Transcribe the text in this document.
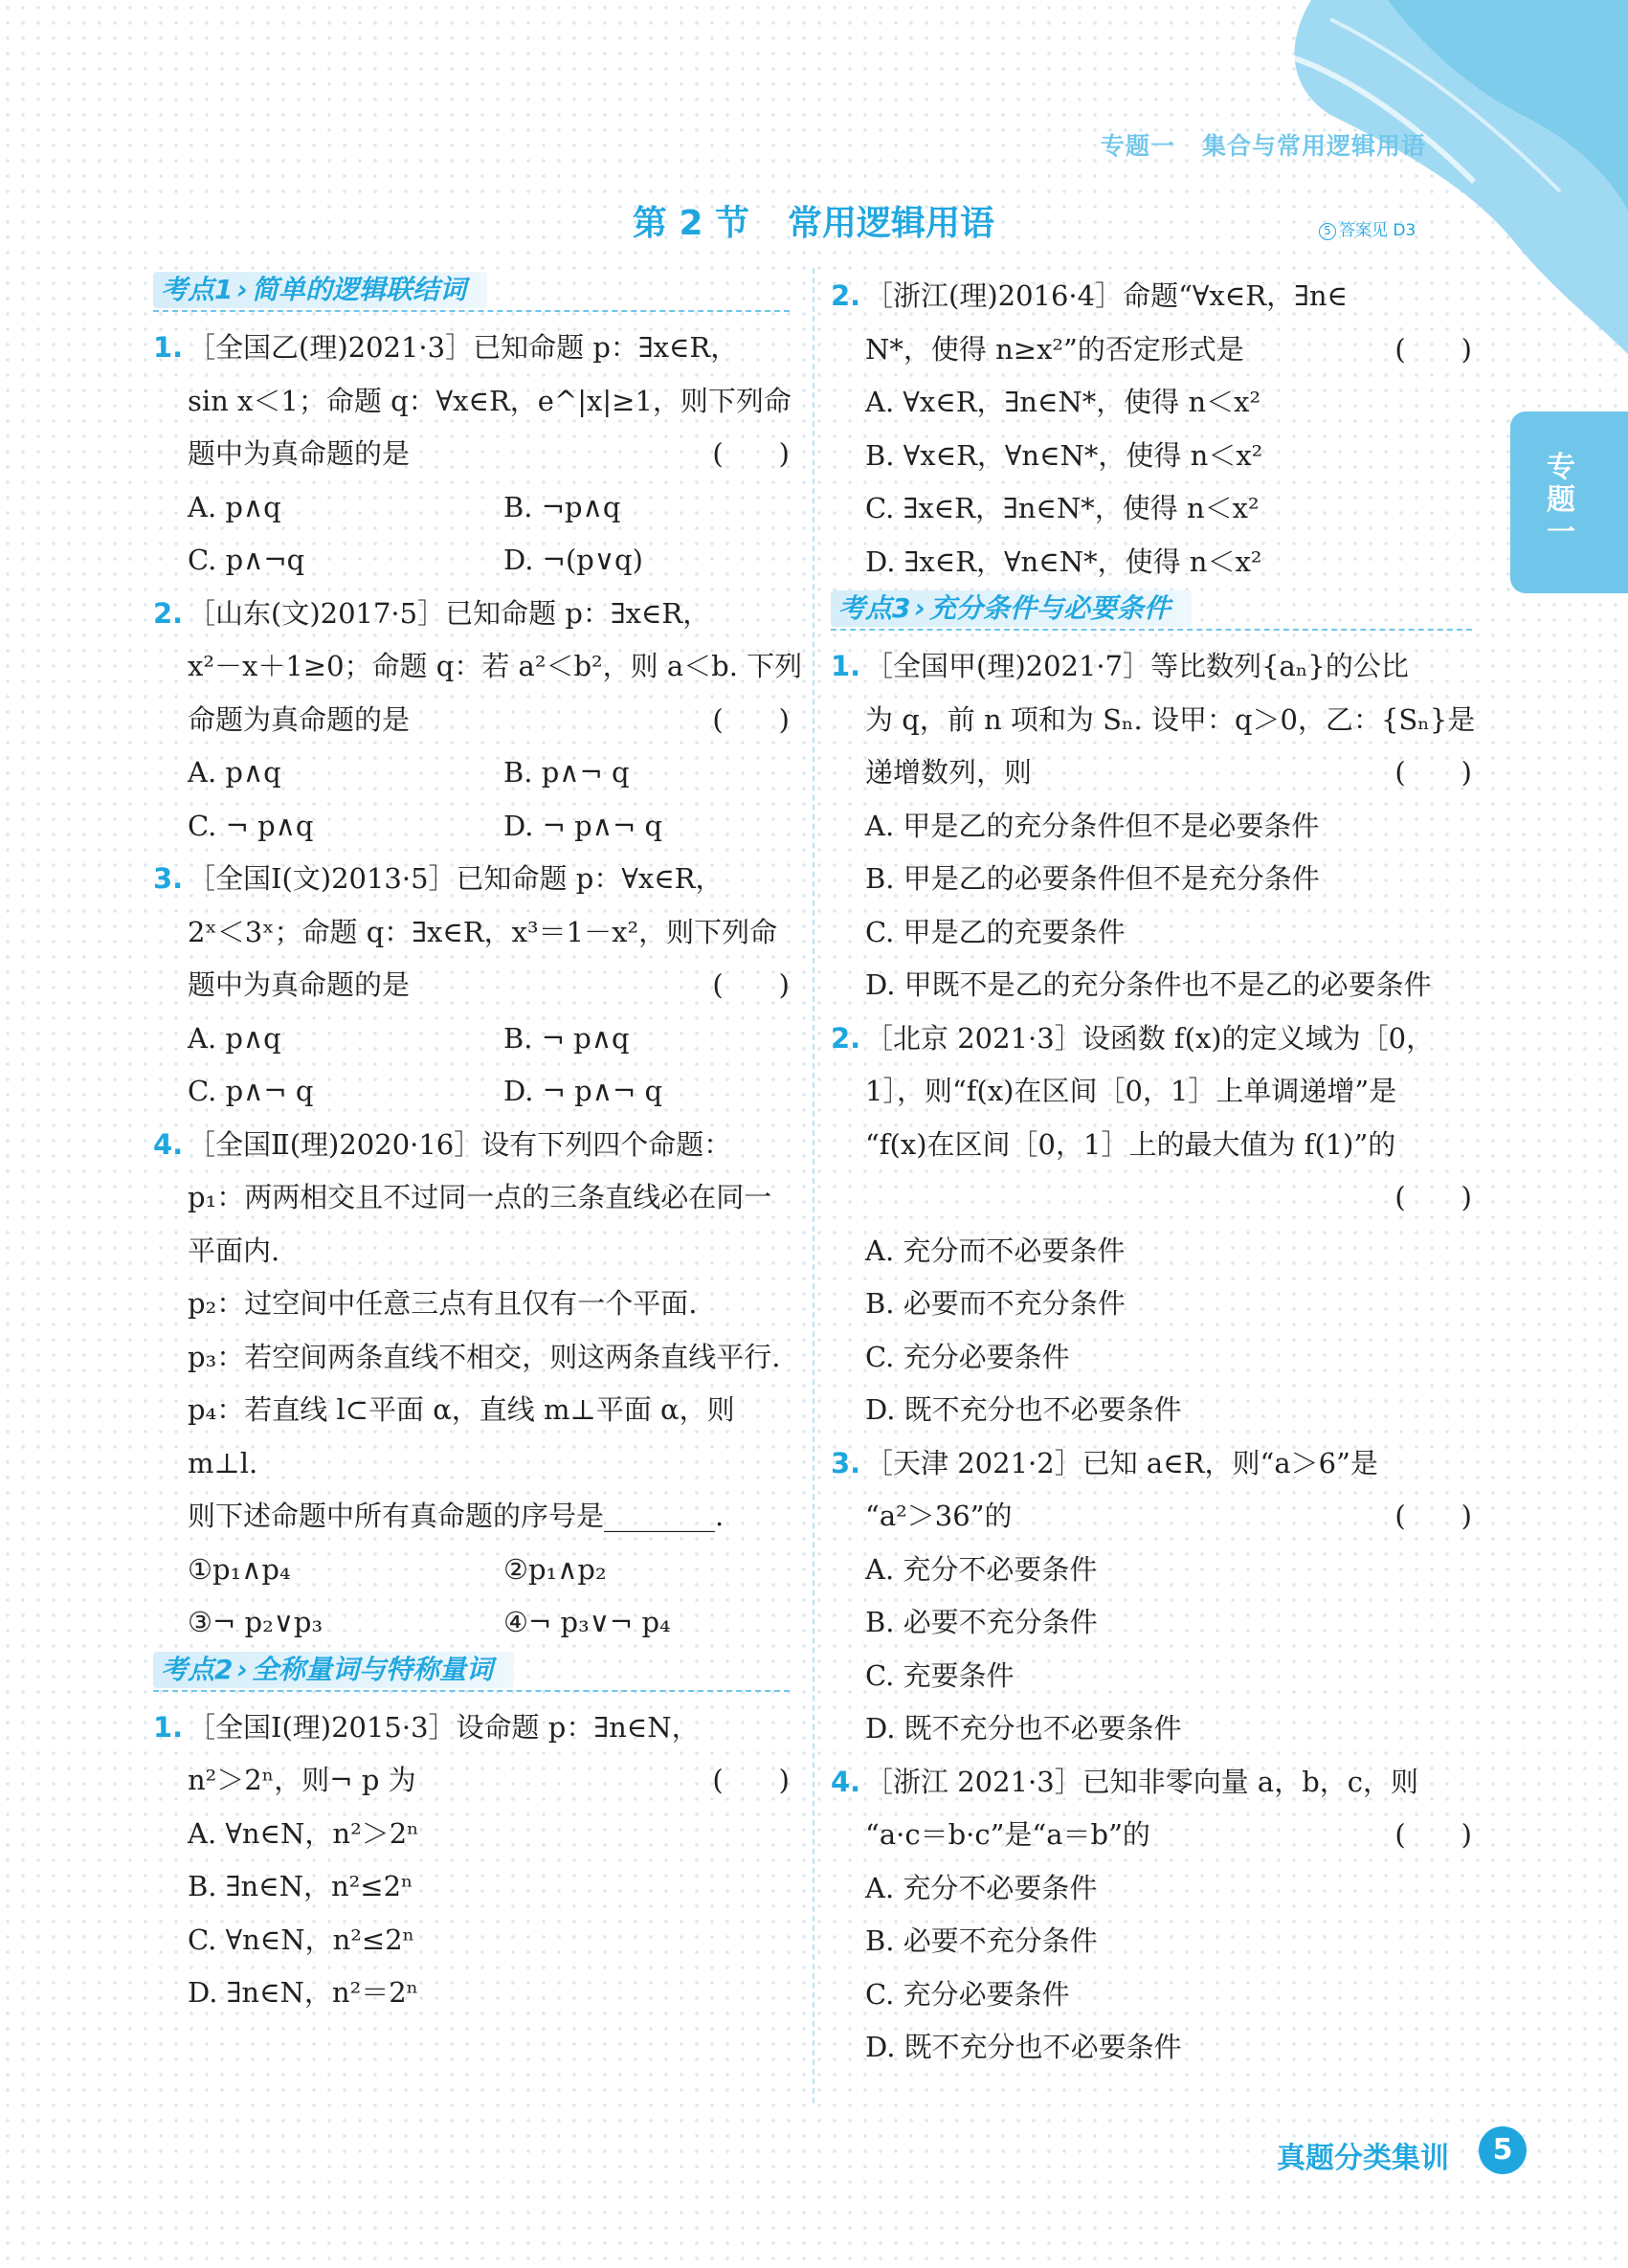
专题一 集合与常用逻辑用语
第 2 节 常用逻辑用语	5 答案见 D3
专题一
考点1 › 简单的逻辑联结词
1. ［全国乙(理)2021·3］已知命题 p：∃x∈R，
sin x＜1；命题 q：∀x∈R，e^|x|≥1，则下列命
题中为真命题的是	(　　)
A. p∧q	B. ¬p∧q
C. p∧¬q	D. ¬(p∨q)
2. ［山东(文)2017·5］已知命题 p：∃x∈R，
x²－x＋1≥0；命题 q：若 a²＜b²，则 a＜b. 下列
命题为真命题的是	(　　)
A. p∧q	B. p∧¬ q
C. ¬ p∧q	D. ¬ p∧¬ q
3. ［全国Ⅰ(文)2013·5］已知命题 p：∀x∈R，
2ˣ＜3ˣ；命题 q：∃x∈R，x³＝1－x²，则下列命
题中为真命题的是	(　　)
A. p∧q	B. ¬ p∧q
C. p∧¬ q	D. ¬ p∧¬ q
4. ［全国Ⅱ(理)2020·16］设有下列四个命题：
p₁：两两相交且不过同一点的三条直线必在同一平面内.
p₂：过空间中任意三点有且仅有一个平面.
p₃：若空间两条直线不相交，则这两条直线平行.
p₄：若直线 l⊂平面 α，直线 m⊥平面 α，则m⊥l.
则下述命题中所有真命题的序号是________.
①p₁∧p₄	②p₁∧p₂
③¬ p₂∨p₃	④¬ p₃∨¬ p₄
考点2 › 全称量词与特称量词
1. ［全国Ⅰ(理)2015·3］设命题 p：∃n∈N，
n²＞2ⁿ，则¬ p 为	(　　)
A. ∀n∈N，n²＞2ⁿ
B. ∃n∈N，n²≤2ⁿ
C. ∀n∈N，n²≤2ⁿ
D. ∃n∈N，n²＝2ⁿ
2. ［浙江(理)2016·4］命题“∀x∈R，∃n∈
N*，使得 n≥x²”的否定形式是	(　　)
A. ∀x∈R，∃n∈N*，使得 n＜x²
B. ∀x∈R，∀n∈N*，使得 n＜x²
C. ∃x∈R，∃n∈N*，使得 n＜x²
D. ∃x∈R，∀n∈N*，使得 n＜x²
考点3 › 充分条件与必要条件
1. ［全国甲(理)2021·7］等比数列{aₙ}的公比
为 q，前 n 项和为 Sₙ. 设甲：q＞0，乙：{Sₙ}是
递增数列，则	(　　)
A. 甲是乙的充分条件但不是必要条件
B. 甲是乙的必要条件但不是充分条件
C. 甲是乙的充要条件
D. 甲既不是乙的充分条件也不是乙的必要条件
2. ［北京 2021·3］设函数 f(x)的定义域为［0，
1］，则“f(x)在区间［0，1］上单调递增”是
“f(x)在区间［0，1］上的最大值为 f(1)”的
(　　)
A. 充分而不必要条件
B. 必要而不充分条件
C. 充分必要条件
D. 既不充分也不必要条件
3. ［天津 2021·2］已知 a∈R，则“a＞6”是
“a²＞36”的	(　　)
A. 充分不必要条件
B. 必要不充分条件
C. 充要条件
D. 既不充分也不必要条件
4. ［浙江 2021·3］已知非零向量 a，b，c，则
“a·c＝b·c”是“a＝b”的	(　　)
A. 充分不必要条件
B. 必要不充分条件
C. 充分必要条件
D. 既不充分也不必要条件
真题分类集训	5
